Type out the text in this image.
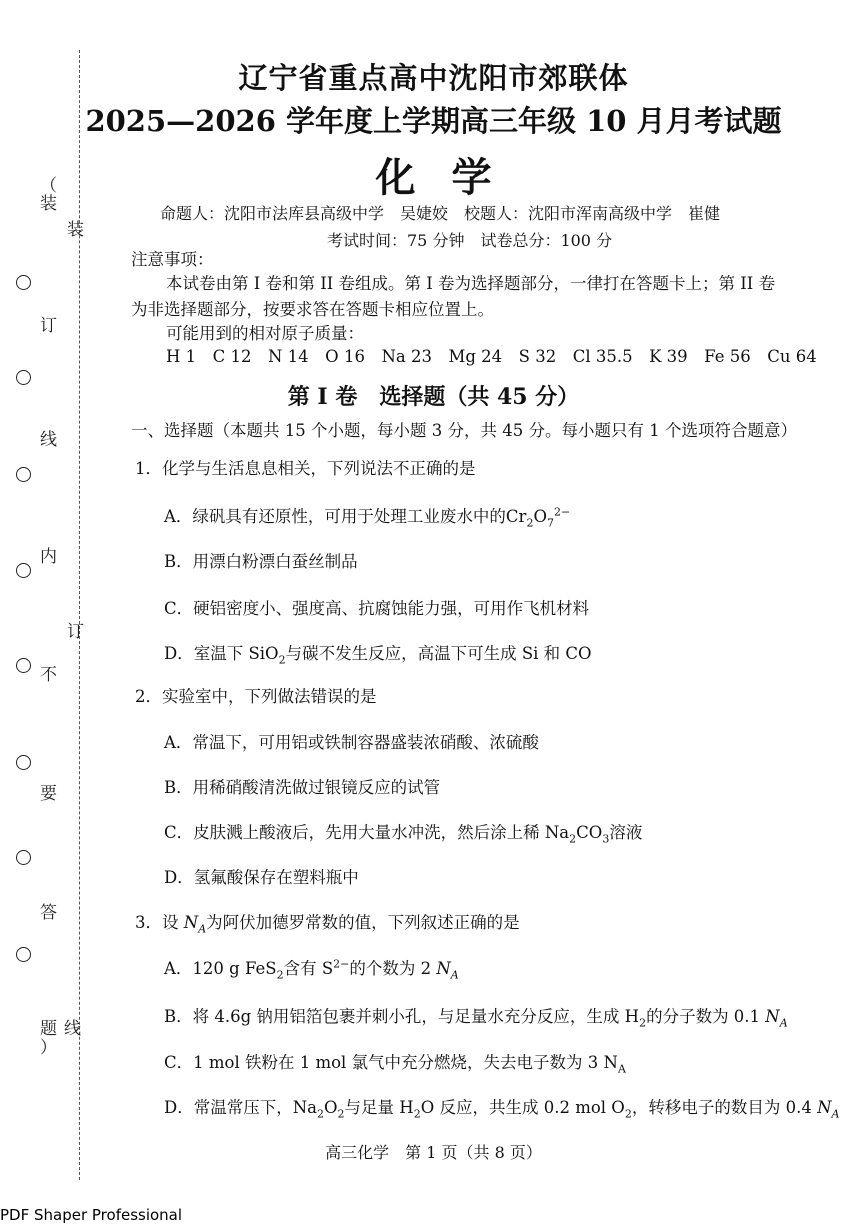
（
装
订
线
内
不
要
答
题
）
装
订
线
辽宁省重点高中沈阳市郊联体
2025—2026 学年度上学期高三年级 10 月月考试题
化学
命题人：沈阳市法库县高级中学　吴婕姣　校题人：沈阳市浑南高级中学　崔健
考试时间：75 分钟　试卷总分：100 分
注意事项：
本试卷由第 I 卷和第 II 卷组成。第 I 卷为选择题部分，一律打在答题卡上；第 II 卷
为非选择题部分，按要求答在答题卡相应位置上。
可能用到的相对原子质量：
H 1　C 12　N 14　O 16　Na 23　Mg 24　S 32　Cl 35.5　K 39　Fe 56　Cu 64
第 I 卷　选择题（共 45 分）
一、选择题（本题共 15 个小题，每小题 3 分，共 45 分。每小题只有 1 个选项符合题意）
1．化学与生活息息相关，下列说法不正确的是
A．绿矾具有还原性，可用于处理工业废水中的$Cr_2O_7^{2-}$
B．用漂白粉漂白蚕丝制品
C．硬铝密度小、强度高、抗腐蚀能力强，可用作飞机材料
D．室温下 SiO$_2$与碳不发生反应，高温下可生成 Si 和 CO
2．实验室中，下列做法错误的是
A．常温下，可用铝或铁制容器盛装浓硝酸、浓硫酸
B．用稀硝酸清洗做过银镜反应的试管
C．皮肤溅上酸液后，先用大量水冲洗，然后涂上稀 $Na_2CO_3$溶液
D．氢氟酸保存在塑料瓶中
3．设 $N_A$为阿伏加德罗常数的值，下列叙述正确的是
A．120 g FeS$_2$含有 $S^{2-}$的个数为 2 $N_A$
B．将 4.6g 钠用铝箔包裹并刺小孔，与足量水充分反应，生成 $H_2$的分子数为 0.1 $N_A$
C．1 mol 铁粉在 1 mol 氯气中充分燃烧，失去电子数为 3 $N_A$
D．常温常压下，$Na_2O_2$与足量 $H_2O$ 反应，共生成 0.2 mol $O_2$，转移电子的数目为 0.4 $N_A$
高三化学　第 1 页（共 8 页）
PDF Shaper Professional
